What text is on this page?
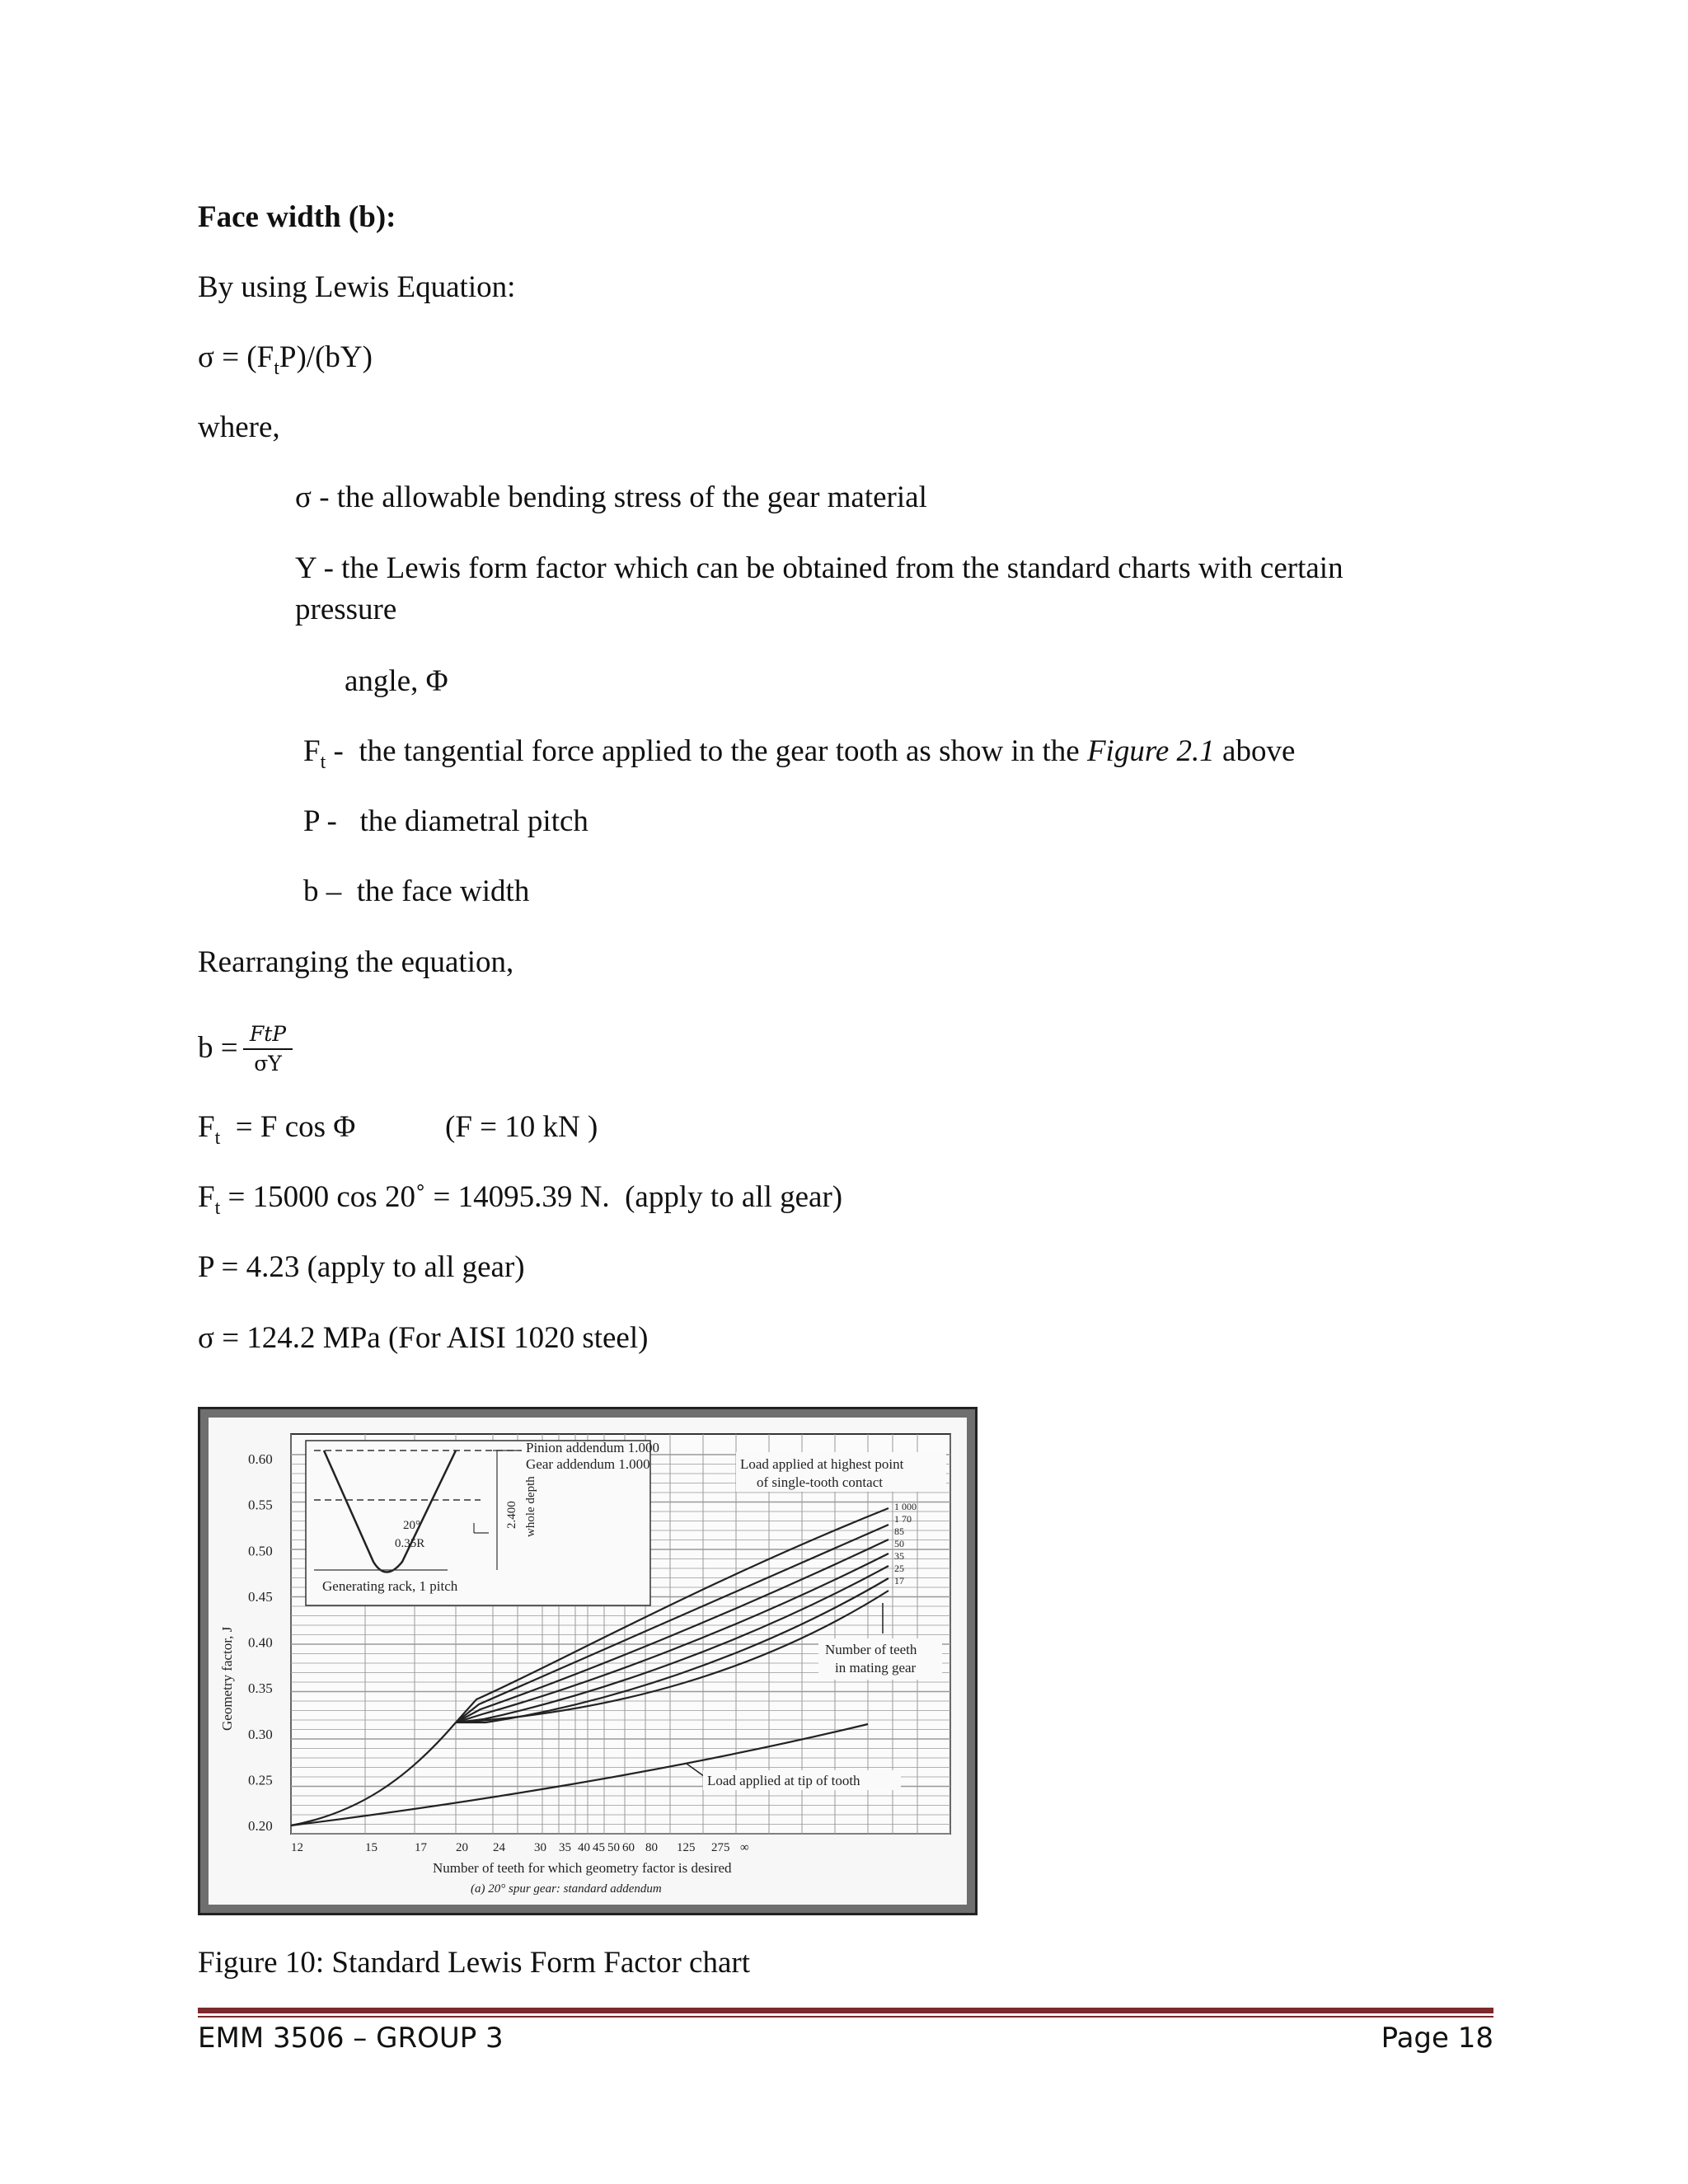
Face width (b):
By using Lewis Equation:
$\sigma = (F_tP)/(bY)$
where,
σ - the allowable bending stress of the gear material
Y - the Lewis form factor which can be obtained from the standard charts with certain
pressure
angle, Φ
$F_t$ -  the tangential force applied to the gear tooth as show in the Figure 2.1 above
P -   the diametral pitch
b –  the face width
Rearranging the equation,
b = FtP
σY
$F_t = F$ cos Φ	(F = 10 kN )
$F_t = 15000$ cos 20˚ = 14095.39 N.  (apply to all gear)
P = 4.23 (apply to all gear)
σ = 124.2 MPa (For AISI 1020 steel)
0.60
0.55
0.50
0.45
0.40
0.35
0.30
0.25
0.20
12	15	17 20 24 30 35 40 45 50 60 80 125 275 ∞
Pinion addendum 1.000
Gear addendum 1.000
20°
0.35R
2.400 whole depth
Generating rack, 1 pitch
Load applied at highest point
of single-tooth contact
1 000
1 70
85
50
35
25
17
Number of teeth
in mating gear
Load applied at tip of tooth
Geometry factor, J
Number of teeth for which geometry factor is desired
(a) 20° spur gear: standard addendum
Figure 10: Standard Lewis Form Factor chart
EMM 3506 – GROUP 3	Page 18
